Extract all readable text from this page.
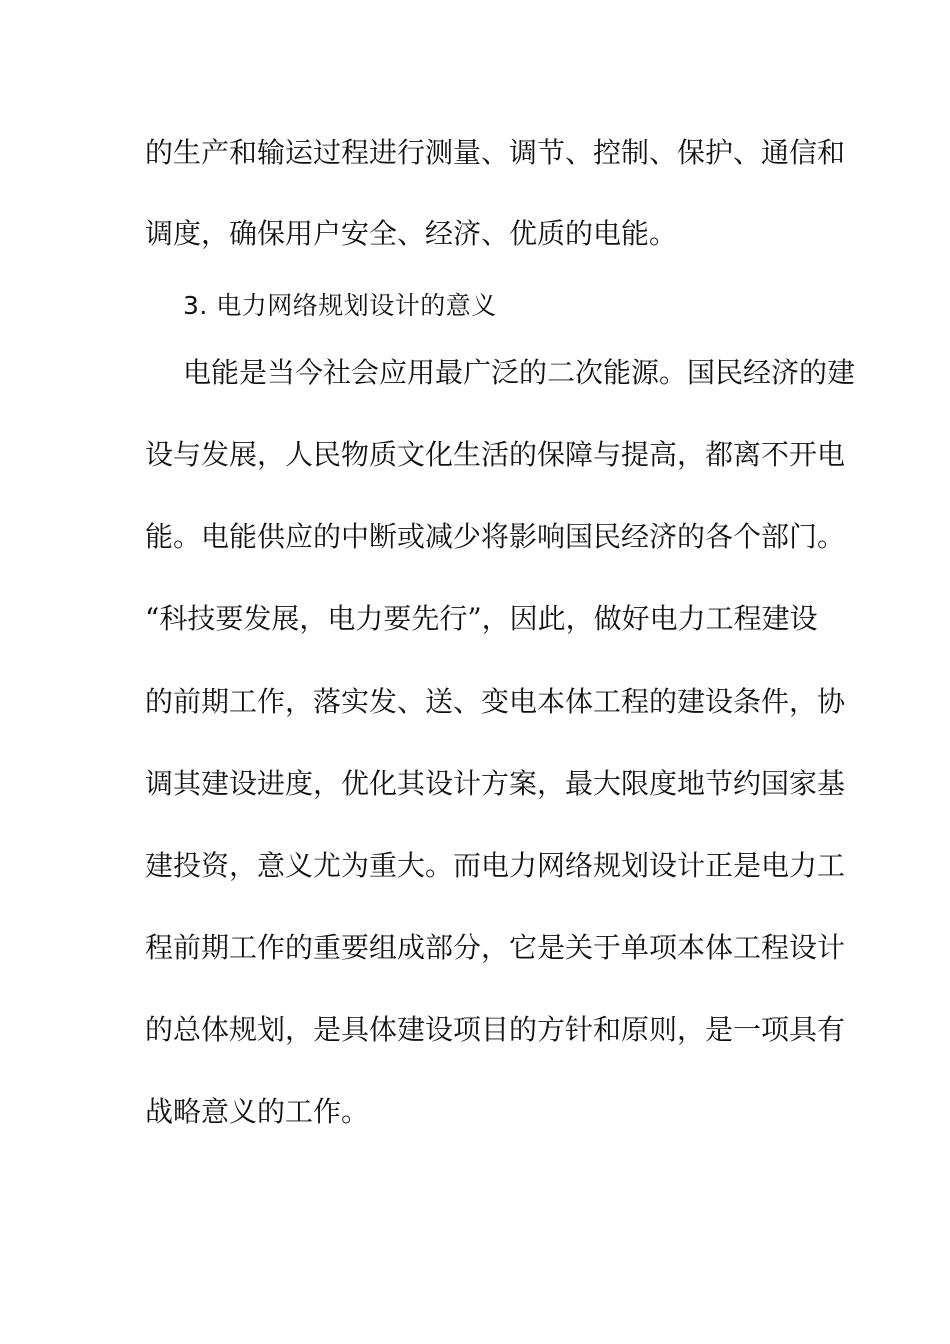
的生产和输运过程进行测量、调节、控制、保护、通信和
调度，确保用户安全、经济、优质的电能。
3. 电力网络规划设计的意义
电能是当今社会应用最广泛的二次能源。国民经济的建
设与发展，人民物质文化生活的保障与提高，都离不开电
能。电能供应的中断或减少将影响国民经济的各个部门。
“科技要发展，电力要先行”，因此，做好电力工程建设
的前期工作，落实发、送、变电本体工程的建设条件，协
调其建设进度，优化其设计方案，最大限度地节约国家基
建投资，意义尤为重大。而电力网络规划设计正是电力工
程前期工作的重要组成部分，它是关于单项本体工程设计
的总体规划，是具体建设项目的方针和原则，是一项具有
战略意义的工作。
